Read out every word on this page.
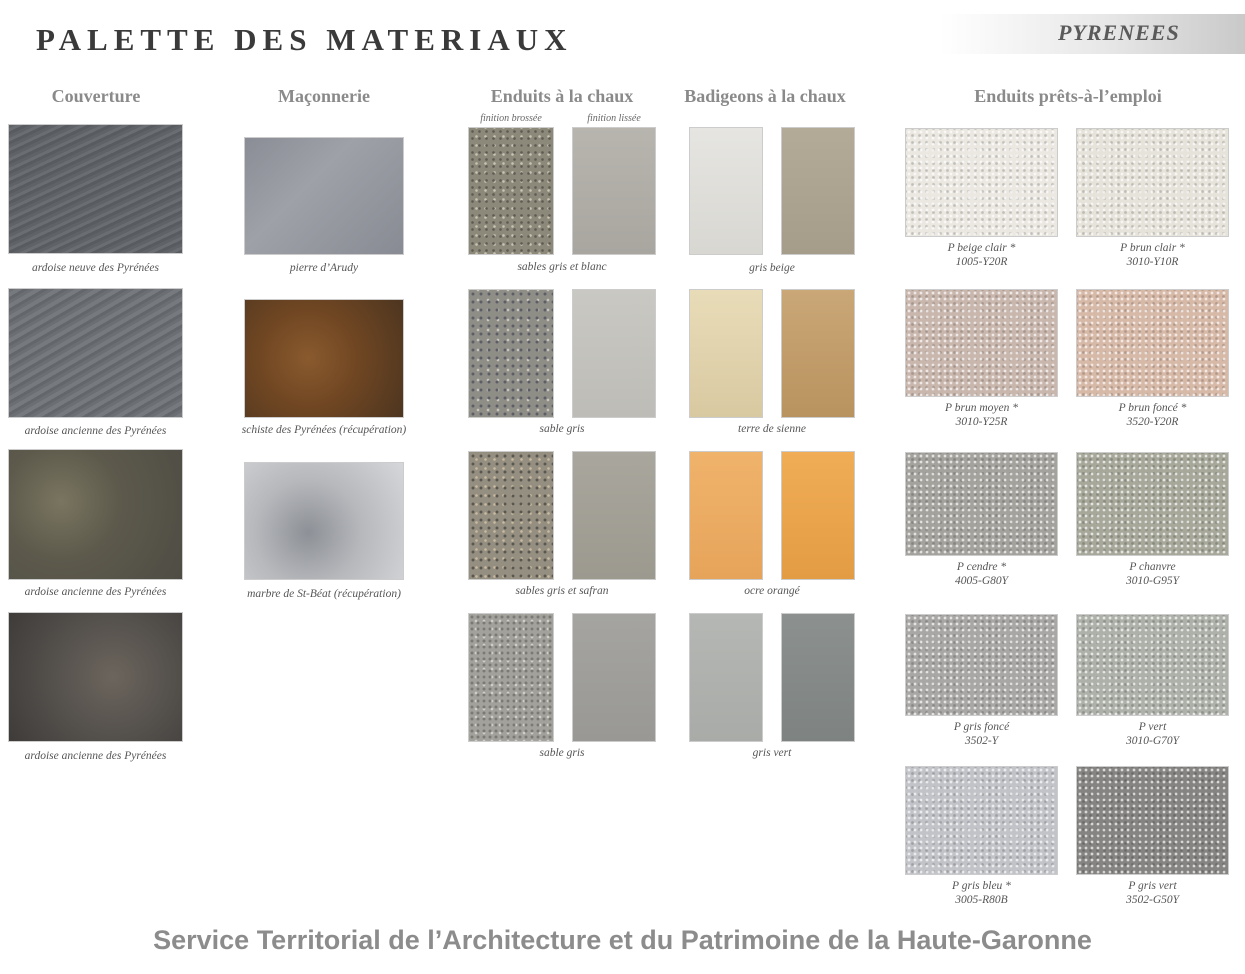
PALETTE DES MATERIAUX	PYRENEES
Couverture	Maçonnerie	Enduits à la chaux	Badigeons à la chaux	Enduits prêts-à-l’emploi
finition brossée	finition lissée
ardoise neuve des Pyrénées
ardoise ancienne des Pyrénées
ardoise ancienne des Pyrénées
ardoise ancienne des Pyrénées
pierre d’Arudy
schiste des Pyrénées (récupération)
marbre de St-Béat (récupération)
sables gris et blanc
sable gris
sables gris et safran
sable gris
gris beige
terre de sienne
ocre orangé
gris vert
P beige clair *
1005-Y20R
P brun clair *
3010-Y10R
P brun moyen *
3010-Y25R
P brun foncé *
3520-Y20R
P cendre *
4005-G80Y
P chanvre
3010-G95Y
P gris foncé
3502-Y
P vert
3010-G70Y
P gris bleu *
3005-R80B
P gris vert
3502-G50Y
Service Territorial de l’Architecture et du Patrimoine de la Haute-Garonne
